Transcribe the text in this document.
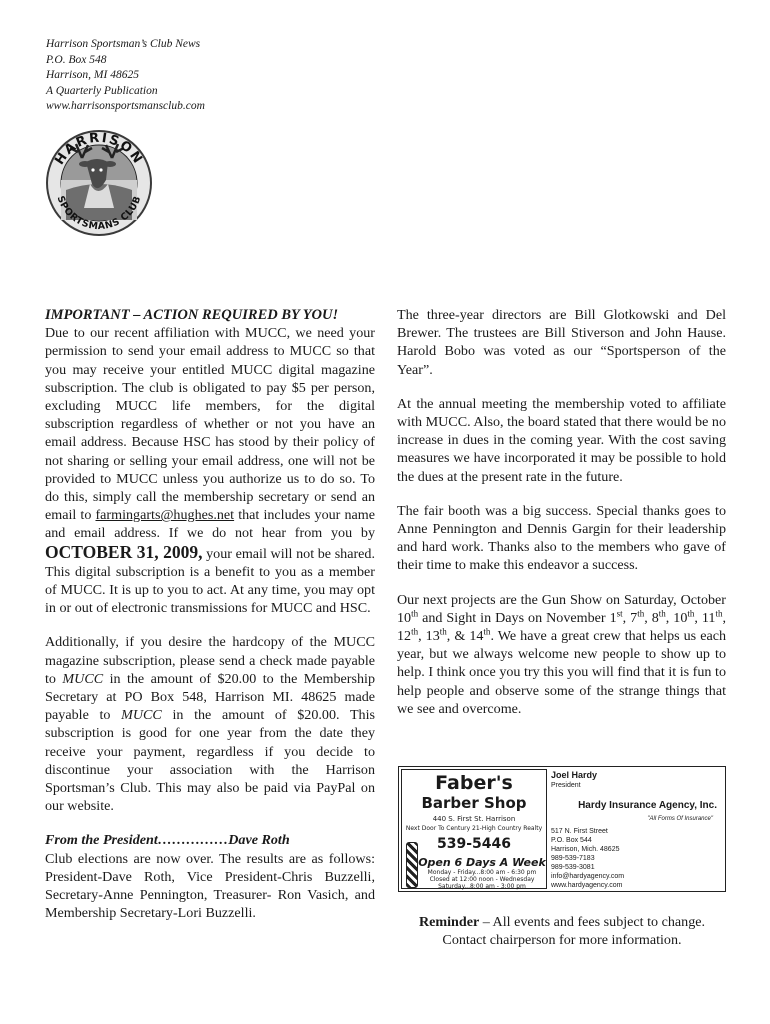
Harrison Sportsman’s Club News
P.O. Box 548
Harrison, MI 48625
A Quarterly Publication
www.harrisonsportsmansclub.com
HARRISON
SPORTSMANS CLUB

IMPORTANT – ACTION REQUIRED BY YOU!
Due to our recent affiliation with MUCC, we need your permission to send your email address to MUCC so that you may receive your entitled MUCC digital magazine subscription. The club is obligated to pay $5 per person, excluding MUCC life members, for the digital subscription regardless of whether or not you have an email address. Because HSC has stood by their policy of not sharing or selling your email address, one will not be provided to MUCC unless you authorize us to do so. To do this, simply call the membership secretary or send an email to farmingarts@hughes.net that includes your name and email address. If we do not hear from you by OCTOBER 31, 2009, your email will not be shared. This digital subscription is a benefit to you as a member of MUCC. It is up to you to act. At any time, you may opt in or out of electronic transmissions for MUCC and HSC.

Additionally, if you desire the hardcopy of the MUCC magazine subscription, please send a check made payable to MUCC in the amount of $20.00 to the Membership Secretary at PO Box 548, Harrison MI. 48625 made payable to MUCC in the amount of $20.00. This subscription is good for one year from the date they receive your payment, regardless if you decide to discontinue your association with the Harrison Sportsman’s Club. This may also be paid via PayPal on our website.

From the President……………Dave Roth
Club elections are now over. The results are as follows: President-Dave Roth, Vice President-Chris Buzzelli, Secretary-Anne Pennington, Treasurer- Ron Vasich, and Membership Secretary-Lori Buzzelli.

The three-year directors are Bill Glotkowski and Del Brewer. The trustees are Bill Stiverson and John Hause. Harold Bobo was voted as our “Sportsperson of the Year”.

At the annual meeting the membership voted to affiliate with MUCC. Also, the board stated that there would be no increase in dues in the coming year. With the cost saving measures we have incorporated it may be possible to hold the dues at the present rate in the future.

The fair booth was a big success. Special thanks goes to Anne Pennington and Dennis Gargin for their leadership and hard work. Thanks also to the members who gave of their time to make this endeavor a success.

Our next projects are the Gun Show on Saturday, October 10th and Sight in Days on November 1st, 7th, 8th, 10th, 11th, 12th, 13th, & 14th. We have a great crew that helps us each year, but we always welcome new people to show up to help. I think once you try this you will find that it is fun to help people and observe some of the strange things that we see and overcome.

Faber's
Barber Shop
440 S. First St. Harrison
Next Door To Century 21-High Country Realty
539-5446
Open 6 Days A Week
Monday - Friday...8:00 am - 6:30 pm
Closed at 12:00 noon - Wednesday
Saturday...8:00 am - 3:00 pm
Joel Hardy
President
Hardy Insurance Agency, Inc.
"All Forms Of Insurance"
517 N. First Street
P.O. Box 544
Harrison, Mich. 48625
989-539-7183
989-539-3081
info@hardyagency.com
www.hardyagency.com
Reminder – All events and fees subject to change. Contact chairperson for more information.
